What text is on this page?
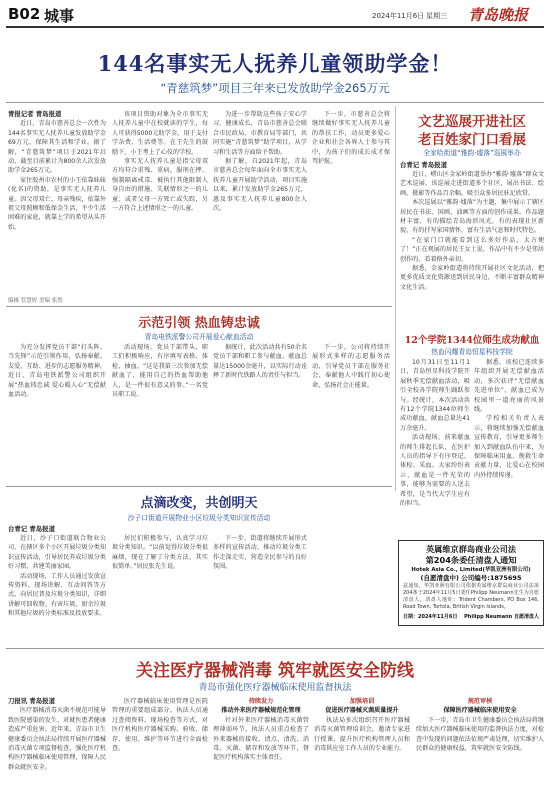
B02 城事	2024年11月6日 星期三 青岛晚报
144名事实无人抚养儿童领助学金！
“青慈筑梦”项目三年来已发放助学金265万元

青报记者 青岛报道

近日，青岛市慈善总会一次性为144名事实无人抚养儿童发放助学金69万元，保障其生活和学业。据了解，“青慈筑梦”项目于2021年启动，截至目前累计为800余人次发放助学金265万元。

家住胶州市农村的小王依靠妹妹(化名)的资助，是事实无人抚养儿童。因父母双亡、母亲残疾，依靠外祖父母照顾和低保金生活，不少生活困难的家庭，就靠上学的希望从头开始。

该项目资助对象为全市事实无人抚养儿童中在校就读的学生，每人可获得5000元助学金，用于支付学杂费、生活费等。在王先生的鼓励下，小王考上了心仪的学校。

事实无人抚养儿童是指父母双方均符合重残、重病、服刑在押、强制隔离戒毒、被执行其他限制人身自由的措施、失联情形之一的儿童；或者父母一方死亡或失踪，另一方符合上述情形之一的儿童。

为进一步帮助这些孩子安心学习、健康成长，青岛市慈善总会联合市民政局、市教育局等部门，共同实施“青慈筑梦”助学项目，从学习和生活等方面给予帮助。

据了解，自2021年起，青岛市慈善总会每年面向全市事实无人抚养儿童开展助学活动，项目实施以来，累计发放助学金265万元，惠及事实无人抚养儿童800余人次。

下一步，市慈善总会将继续做好事实无人抚养儿童的帮扶工作，动员更多爱心企业和社会各界人士参与其中，为孩子们的成长成才保驾护航。

编辑 管慧婷 美编 张然
文艺巡展开进社区
老百姓家门口看展
全家哈街道“雅韵·墟落”巡展举办
台青记 青岛报道

近日，崂山区金家岭街道举办“雅韵·墟落”群众文艺术巡展，该巡展走进街道多个社区，展出书法、绘画、摄影等作品百余幅，吸引众多居民驻足欣赏。

本次巡展以“雅韵·墟落”为主题，集中展示了辖区居民在书法、国画、油画等方面的创作成果。作品题材丰富，有的描绘青岛海滨风光，有的表现社区新貌，有的抒写家国情怀，富有生活气息和时代特色。

“在家门口就能看到这么多好作品，太方便了！”正在观展的居民王女士说，作品中有不少是邻居创作的，看着格外亲切。

据悉，金家岭街道将持续开展社区文化活动，把更多优质文化资源送到居民身边，不断丰富群众精神文化生活。

示范引领 热血铸忠诚
青岛电铁派警公司开展爱心献血活动

为充分发挥党员干部“打头阵、当先锋”示范引领作用，弘扬奉献、友爱、互助、进步的志愿服务精神，近日，青岛电铁派警公司组织开展“热血铸忠诚 爱心暖人心”无偿献血活动。

活动现场，党员干部带头，职工们积极响应，有序填写表格、体检、抽血。“这是我第三次参加无偿献血了，能用自己的热血帮助他人，是一件很有意义的事。”一名党员职工说。

据统计，此次活动共有50余名党员干部和职工参与献血，献血总量达15000余毫升，以实际行动诠释了新时代铁路人的责任与担当。

下一步，公司将持续开展形式多样的志愿服务活动，引导党员干部在服务社会、奉献他人中践行初心使命，弘扬社会正能量。

12个学院1344位师生成功献血
热血闪耀青岛恒星科技学院

10月31日至11月1日，青岛恒星科技学院开展秋季无偿献血活动，吸引全校各学院师生踊跃参与。经统计，本次活动共有12个学院1344位师生成功献血，献血总量达41万余毫升。

活动现场，前来献血的师生排起长队，在医护人员的指导下有序登记、体检、采血。大家纷纷表示，献血是一件光荣的事，能够为需要的人送去希望，是当代大学生应有的担当。

据悉，该校已连续多年组织开展无偿献血活动，多次获评“无偿献血先进单位”，献血已成为校园里一道亮丽的风景线。

学校相关负责人表示，将继续加强无偿献血宣传教育，引导更多师生加入到献血队伍中来，为保障临床用血、挽救生命贡献力量，让爱心在校园内外持续传递。

点滴改变，共创明天
沙子口街道开展物业小区垃圾分类知识宣传活动
台青记 青岛报道

近日，沙子口街道联合物业公司，在辖区多个小区开展垃圾分类知识宣传活动，引导居民养成垃圾分类好习惯，共建美丽家园。

活动现场，工作人员通过发放宣传资料、现场讲解、互动问答等方式，向居民普及垃圾分类知识，详细讲解可回收物、有害垃圾、厨余垃圾和其他垃圾的分类标准及投放要求。

居民们积极参与，认真学习垃圾分类知识。“以前觉得垃圾分类很麻烦，现在了解了分类方法，其实很简单。”居民张先生说。

下一步，街道将继续开展形式多样的宣传活动，推动垃圾分类工作走深走实，营造全民参与的良好氛围。

英属维京群岛商业公司法
第204条委任清盘人通知
Hotek Asia Co., Limited(华凯亚洲有限公司)
(自愿清盘中) 公司编号:1875695
兹通知，华凯亚洲有限公司依据英属维京群岛商业公司法第204条于2024年11月5日委任Philipp Neumann先生为自愿清盘人，清盘人地址：Trident Chambers, PO Box 146, Road Town, Tortola, British Virgin Islands。
日期：2024年11月6日 Philipp Neumann 自愿清盘人
关注医疗器械消毒 筑牢就医安全防线
青岛市强化医疗器械临床使用监督执法

刀报讯 青岛报道

医疗器械消毒灭菌不规范可能导致医院感染的发生，对就医患者健康造成严重危害。近年来，青岛市卫生健康委员会执法局持续开展医疗器械消毒灭菌专项监督检查，强化医疗机构医疗器械临床使用管理，保障人民群众就医安全。

医疗器械临床使用管理是医院管理的重要组成部分。执法人员通过查阅资料、现场检查等方式，对医疗机构医疗器械采购、验收、储存、使用、维护等环节进行全面检查。

持续发力

推动外来医疗器械规范化管理

针对外来医疗器械消毒灭菌管理薄弱环节，执法人员重点检查了外来器械的接收、清点、清洗、消毒、灭菌、储存和发放等环节，督促医疗机构落实主体责任。

加强培训

促进医疗器械灭菌质量提升

执法局多次组织召开医疗器械消毒灭菌管理培训会，邀请专家进行授课，提升医疗机构管理人员和消毒供应室工作人员的专业能力。

规范审核

保障医疗器械临床使用安全

下一步，青岛市卫生健康委员会执法局将继续加大医疗器械临床使用的监督执法力度，对检查中发现的问题依法依规严肃处理，切实维护人民群众的健康权益，筑牢就医安全防线。
